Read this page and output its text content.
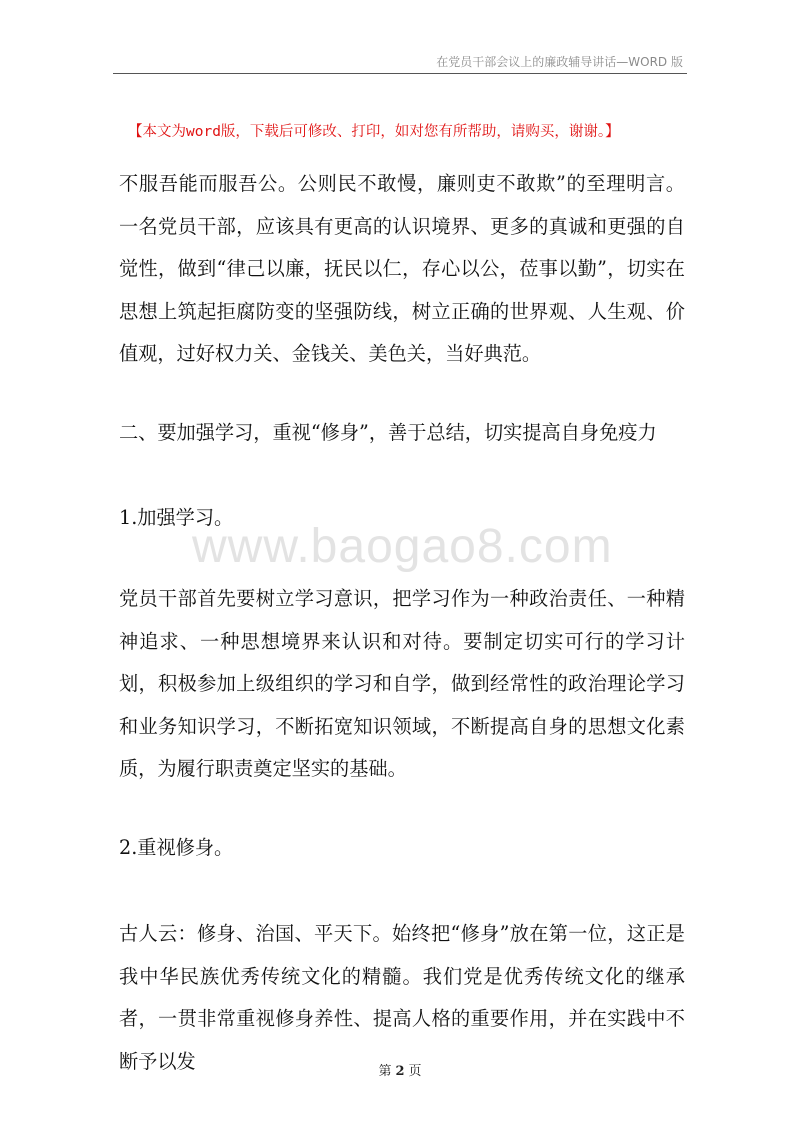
在党员干部会议上的廉政辅导讲话—WORD 版
【本文为word版，下载后可修改、打印，如对您有所帮助，请购买，谢谢。】

不服吾能而服吾公。公则民不敢慢，廉则吏不敢欺”的至理明言。一名党员干部，应该具有更高的认识境界、更多的真诚和更强的自觉性，做到“律己以廉，抚民以仁，存心以公，莅事以勤”，切实在思想上筑起拒腐防变的坚强防线，树立正确的世界观、人生观、价值观，过好权力关、金钱关、美色关，当好典范。

二、要加强学习，重视“修身”，善于总结，切实提高自身免疫力

1.加强学习。

www.baogao8.com

党员干部首先要树立学习意识，把学习作为一种政治责任、一种精神追求、一种思想境界来认识和对待。要制定切实可行的学习计划，积极参加上级组织的学习和自学，做到经常性的政治理论学习和业务知识学习，不断拓宽知识领域，不断提高自身的思想文化素质，为履行职责奠定坚实的基础。

2.重视修身。

古人云：修身、治国、平天下。始终把“修身”放在第一位，这正是我中华民族优秀传统文化的精髓。我们党是优秀传统文化的继承者，一贯非常重视修身养性、提高人格的重要作用，并在实践中不断予以发	第 2 页
